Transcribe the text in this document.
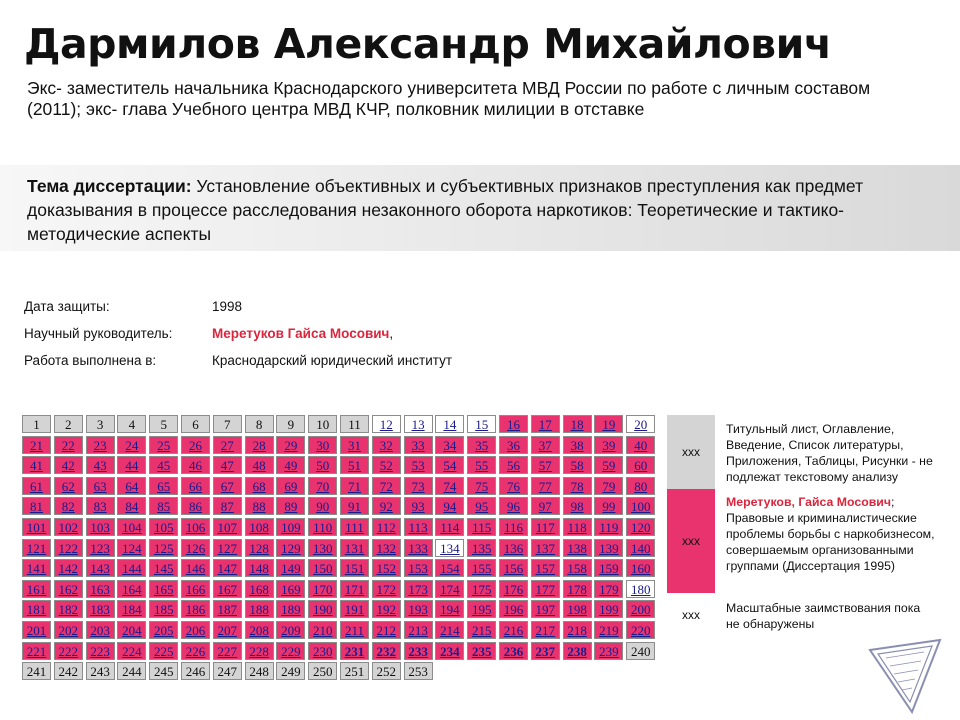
Дармилов Александр Михайлович
Экс- заместитель начальника Краснодарского университета МВД России по работе с личным составом (2011); экс- глава Учебного центра МВД КЧР, полковник милиции в отставке
Тема диссертации: Установление объективных и субъективных признаков преступления как предмет доказывания в процессе расследования незаконного оборота наркотиков: Теоретические и тактико-методические аспекты
Дата защиты:	1998
Научный руководитель:	Меретуков Гайса Мосович,
Работа выполнена в:	Краснодарский юридический институт
1	2	3	4	5	6	7	8	9	10	11	12	13	14	15	16	17	18	19	20
21	22	23	24	25	26	27	28	29	30	31	32	33	34	35	36	37	38	39	40
41	42	43	44	45	46	47	48	49	50	51	52	53	54	55	56	57	58	59	60
61	62	63	64	65	66	67	68	69	70	71	72	73	74	75	76	77	78	79	80
81	82	83	84	85	86	87	88	89	90	91	92	93	94	95	96	97	98	99	100
101 102 103 104 105 106 107 108 109 110	111	112 113 114 115 116 117 118 119 120
121 122 123 124 125 126 127 128 129 130 131 132 133 134 135 136 137 138 139 140
141 142 143 144 145 146 147 148 149 150 151 152 153 154 155 156 157 158 159 160
161 162 163 164 165 166 167 168 169 170 171 172 173 174 175 176 177 178 179 180
181 182 183 184 185 186 187 188 189 190 191 192 193 194 195 196 197 198 199 200
201 202 203 204 205 206 207 208 209 210 211 212 213 214 215 216 217 218 219 220
221 222 223 224 225 226 227 228 229 230 231 232 233 234 235 236 237 238 239 240
241 242 243 244 245 246 247 248 249 250 251 252 253
xxx
Титульный лист, Оглавление, Введение, Список литературы, Приложения, Таблицы, Рисунки - не подлежат текстовому анализу
xxx
Меретуков, Гайса Мосович; Правовые и криминалистические проблемы борьбы с наркобизнесом, совершаемым организованными группами (Диссертация 1995)
xxx	Масштабные заимствования пока не обнаружены
